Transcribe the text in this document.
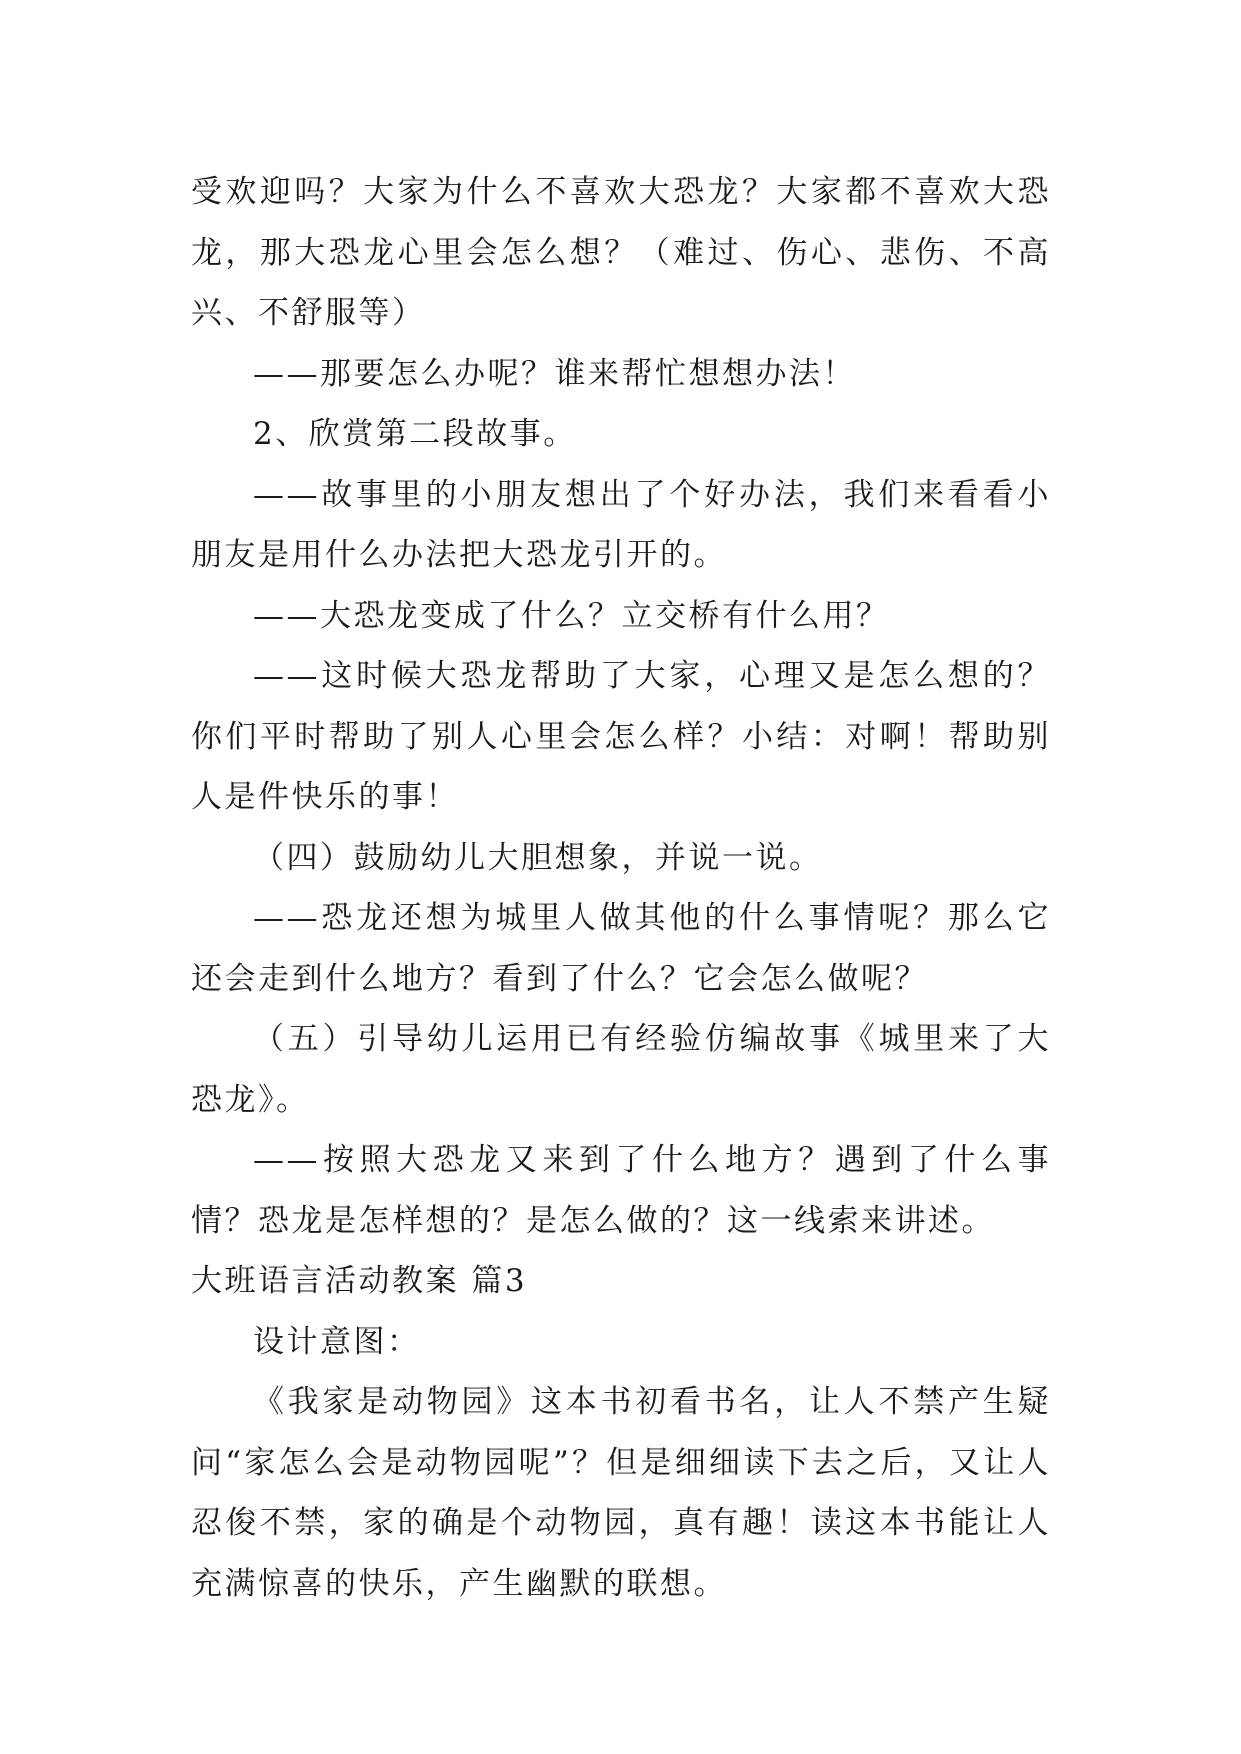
受欢迎吗？大家为什么不喜欢大恐龙？大家都不喜欢大恐龙，那大恐龙心里会怎么想？（难过、伤心、悲伤、不高兴、不舒服等）

——那要怎么办呢？谁来帮忙想想办法！

2、欣赏第二段故事。

——故事里的小朋友想出了个好办法，我们来看看小朋友是用什么办法把大恐龙引开的。

——大恐龙变成了什么？立交桥有什么用？

——这时候大恐龙帮助了大家，心理又是怎么想的？你们平时帮助了别人心里会怎么样？小结：对啊！帮助别人是件快乐的事！

（四）鼓励幼儿大胆想象，并说一说。

——恐龙还想为城里人做其他的什么事情呢？那么它还会走到什么地方？看到了什么？它会怎么做呢？

（五）引导幼儿运用已有经验仿编故事《城里来了大恐龙》。

——按照大恐龙又来到了什么地方？遇到了什么事情？恐龙是怎样想的？是怎么做的？这一线索来讲述。

大班语言活动教案 篇3

设计意图：

《我家是动物园》这本书初看书名，让人不禁产生疑问“家怎么会是动物园呢”？但是细细读下去之后，又让人忍俊不禁，家的确是个动物园，真有趣！读这本书能让人充满惊喜的快乐，产生幽默的联想。
